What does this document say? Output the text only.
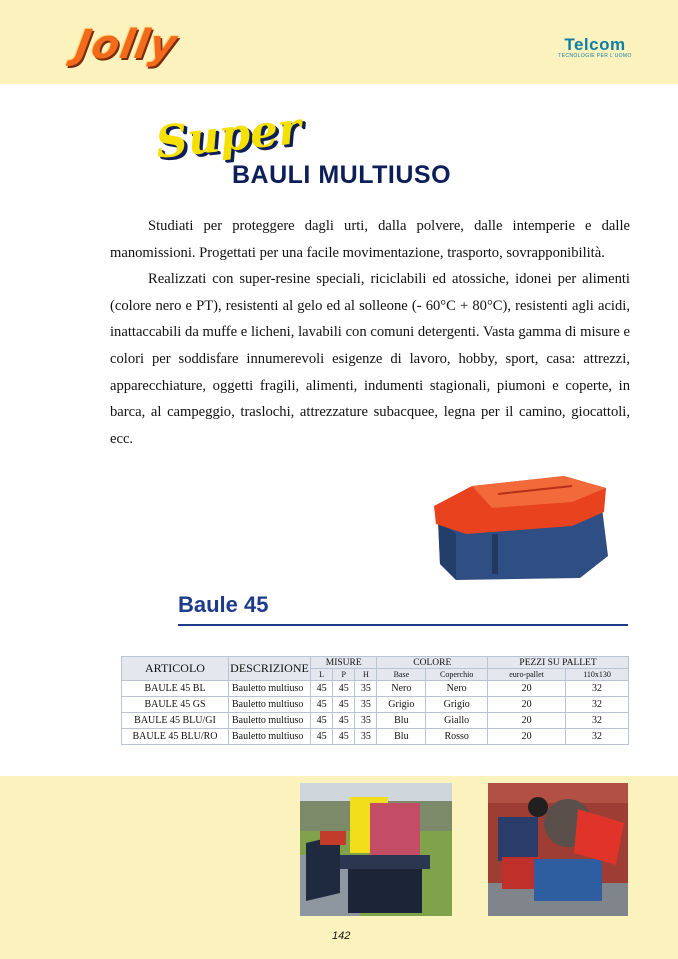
Jolly	Telcom
TECNOLOGIE PER L'UOMO
Super
BAULI MULTIUSO

Studiati per proteggere dagli urti, dalla polvere, dalle intemperie e dalle manomissioni. Progettati per una facile movimentazione, trasporto, sovrapponibilità.

Realizzati con super-resine speciali, riciclabili ed atossiche, idonei per alimenti (colore nero e PT), resistenti al gelo ed al solleone (- 60°C + 80°C), resistenti agli acidi, inattaccabili da muffe e licheni, lavabili con comuni detergenti. Vasta gamma di misure e colori per soddisfare innumerevoli esigenze di lavoro, hobby, sport, casa: attrezzi, apparecchiature, oggetti fragili, alimenti, indumenti stagionali, piumoni e coperte, in barca, al campeggio, traslochi, attrezzature subacquee, legna per il camino, giocattoli, ecc.

Baule 45
ARTICOLO	DESCRIZIONE	MISURE			COLORE		PEZZI SU PALLET	
		L	P	H	Base	Coperchio	euro-pallet	110x130
BAULE 45 BL	Bauletto multiuso	45	45	35	Nero	Nero	20	32
BAULE 45 GS	Bauletto multiuso	45	45	35	Grigio	Grigio	20	32
BAULE 45 BLU/GI	Bauletto multiuso	45	45	35	Blu	Giallo	20	32
BAULE 45 BLU/RO	Bauletto multiuso	45	45	35	Blu	Rosso	20	32
142
